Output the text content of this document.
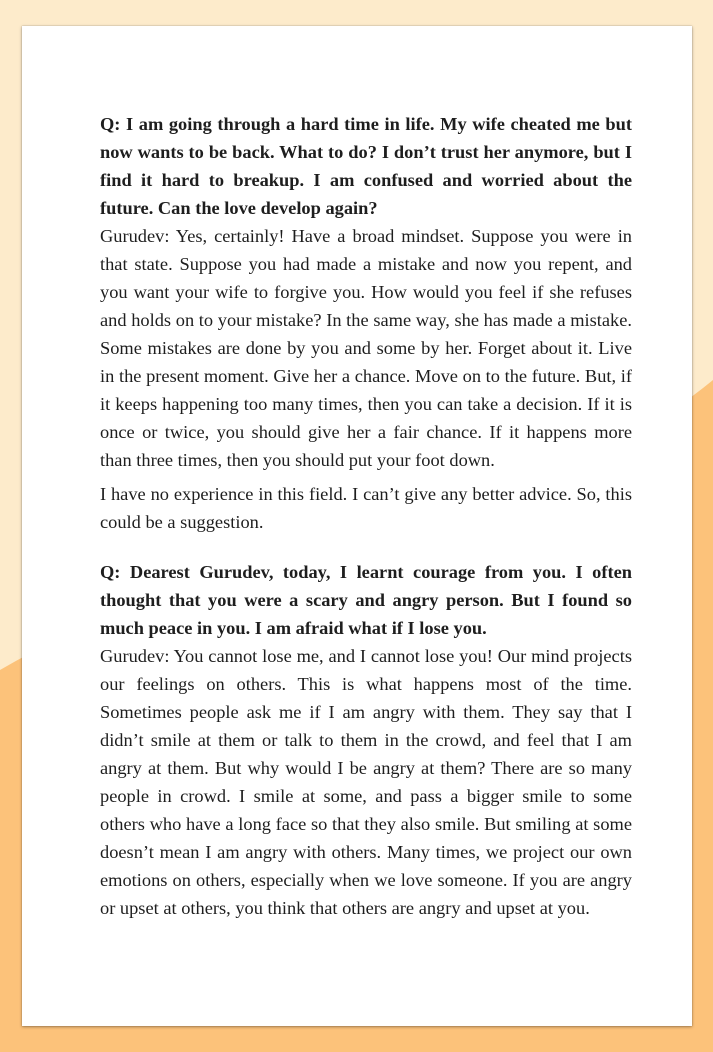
Q: I am going through a hard time in life. My wife cheated me but now wants to be back. What to do? I don’t trust her anymore, but I find it hard to breakup. I am confused and worried about the future. Can the love develop again?

Gurudev: Yes, certainly! Have a broad mindset. Suppose you were in that state. Suppose you had made a mistake and now you repent, and you want your wife to forgive you. How would you feel if she refuses and holds on to your mistake? In the same way, she has made a mistake. Some mistakes are done by you and some by her. Forget about it. Live in the present moment. Give her a chance. Move on to the future. But, if it keeps happening too many times, then you can take a decision. If it is once or twice, you should give her a fair chance. If it happens more than three times, then you should put your foot down.

I have no experience in this field. I can’t give any better advice. So, this could be a suggestion.

Q: Dearest Gurudev, today, I learnt courage from you. I often thought that you were a scary and angry person. But I found so much peace in you. I am afraid what if I lose you.

Gurudev: You cannot lose me, and I cannot lose you! Our mind projects our feelings on others. This is what happens most of the time. Sometimes people ask me if I am angry with them. They say that I didn’t smile at them or talk to them in the crowd, and feel that I am angry at them. But why would I be angry at them? There are so many people in crowd. I smile at some, and pass a bigger smile to some others who have a long face so that they also smile. But smiling at some doesn’t mean I am angry with others. Many times, we project our own emotions on others, especially when we love someone. If you are angry or upset at others, you think that others are angry and upset at you.
